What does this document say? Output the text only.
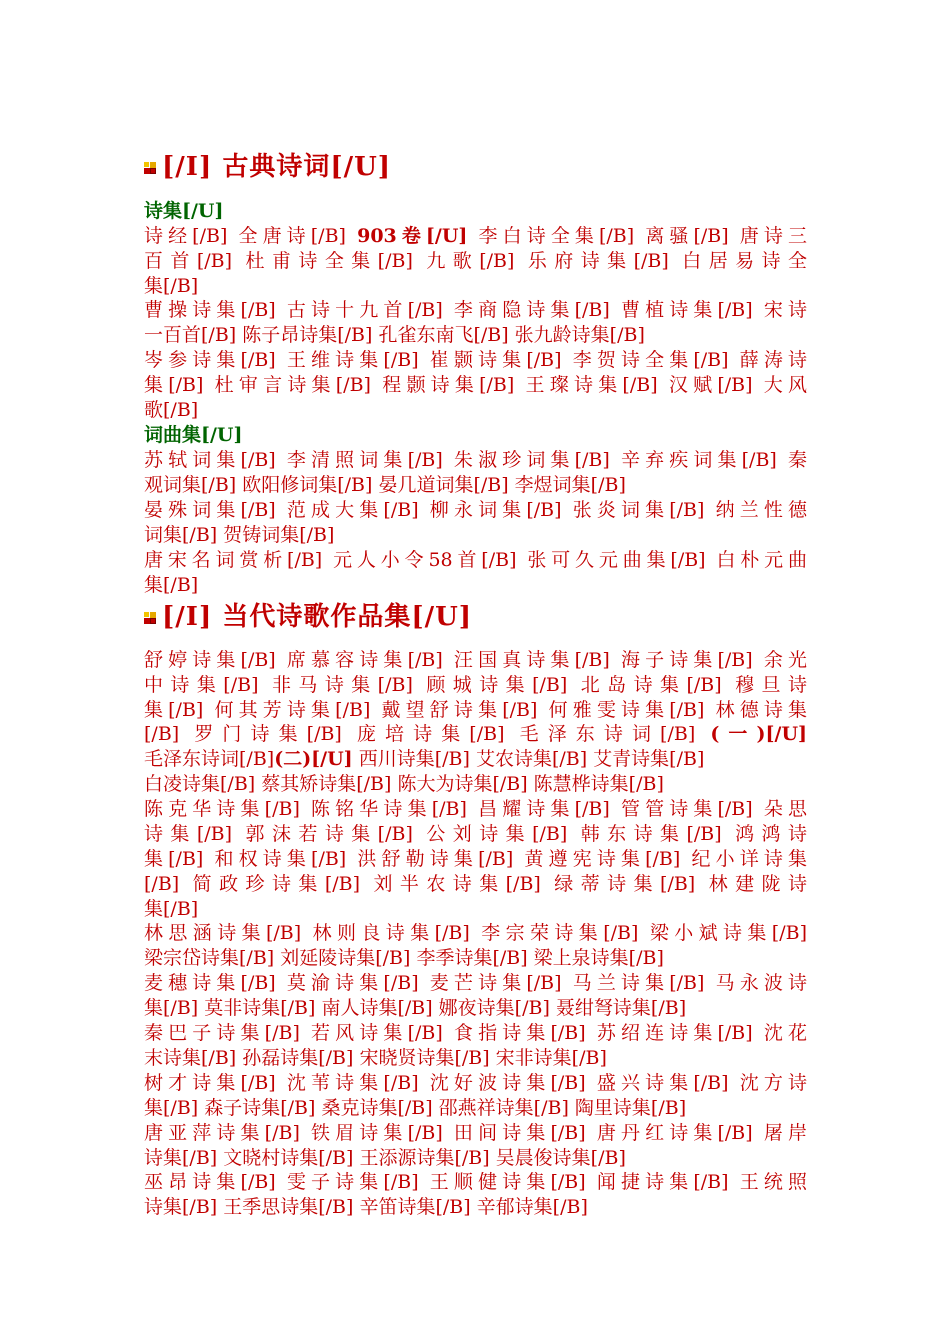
[/I] 古典诗词[/U]
诗集[/U]
诗经[/B] 全唐诗[/B] 903卷[/U] 李白诗全集[/B] 离骚[/B] 唐诗三
百首[/B] 杜甫诗全集[/B] 九歌[/B] 乐府诗集[/B] 白居易诗全
集[/B]
曹操诗集[/B] 古诗十九首[/B] 李商隐诗集[/B] 曹植诗集[/B] 宋诗
一百首[/B] 陈子昂诗集[/B] 孔雀东南飞[/B] 张九龄诗集[/B]
岑参诗集[/B] 王维诗集[/B] 崔颢诗集[/B] 李贺诗全集[/B] 薛涛诗
集[/B] 杜审言诗集[/B] 程颢诗集[/B] 王璨诗集[/B] 汉赋[/B] 大风
歌[/B]
词曲集[/U]
苏轼词集[/B] 李清照词集[/B] 朱淑珍词集[/B] 辛弃疾词集[/B] 秦
观词集[/B] 欧阳修词集[/B] 晏几道词集[/B] 李煜词集[/B]
晏殊词集[/B] 范成大集[/B] 柳永词集[/B] 张炎词集[/B] 纳兰性德
词集[/B] 贺铸词集[/B]
唐宋名词赏析[/B] 元人小令58首[/B] 张可久元曲集[/B] 白朴元曲
集[/B]
[/I] 当代诗歌作品集[/U]
舒婷诗集[/B] 席慕容诗集[/B] 汪国真诗集[/B] 海子诗集[/B] 余光
中诗集[/B] 非马诗集[/B] 顾城诗集[/B] 北岛诗集[/B] 穆旦诗
集[/B] 何其芳诗集[/B] 戴望舒诗集[/B] 何雅雯诗集[/B] 林德诗集
[/B] 罗门诗集[/B] 庞培诗集[/B] 毛泽东诗词[/B] (一)[/U]
毛泽东诗词[/B](二)[/U] 西川诗集[/B] 艾农诗集[/B] 艾青诗集[/B]
白凌诗集[/B] 蔡其矫诗集[/B] 陈大为诗集[/B] 陈慧桦诗集[/B]
陈克华诗集[/B] 陈铭华诗集[/B] 昌耀诗集[/B] 管管诗集[/B] 朵思
诗集[/B] 郭沫若诗集[/B] 公刘诗集[/B] 韩东诗集[/B] 鸿鸿诗
集[/B] 和权诗集[/B] 洪舒勒诗集[/B] 黄遵宪诗集[/B] 纪小详诗集
[/B] 简政珍诗集[/B] 刘半农诗集[/B] 绿蒂诗集[/B] 林建陇诗
集[/B]
林思涵诗集[/B] 林则良诗集[/B] 李宗荣诗集[/B] 梁小斌诗集[/B]
梁宗岱诗集[/B] 刘延陵诗集[/B] 李季诗集[/B] 梁上泉诗集[/B]
麦穗诗集[/B] 莫渝诗集[/B] 麦芒诗集[/B] 马兰诗集[/B] 马永波诗
集[/B] 莫非诗集[/B] 南人诗集[/B] 娜夜诗集[/B] 聂绀弩诗集[/B]
秦巴子诗集[/B] 若风诗集[/B] 食指诗集[/B] 苏绍连诗集[/B] 沈花
末诗集[/B] 孙磊诗集[/B] 宋晓贤诗集[/B] 宋非诗集[/B]
树才诗集[/B] 沈苇诗集[/B] 沈好波诗集[/B] 盛兴诗集[/B] 沈方诗
集[/B] 森子诗集[/B] 桑克诗集[/B] 邵燕祥诗集[/B] 陶里诗集[/B]
唐亚萍诗集[/B] 铁眉诗集[/B] 田间诗集[/B] 唐丹红诗集[/B] 屠岸
诗集[/B] 文晓村诗集[/B] 王添源诗集[/B] 吴晨俊诗集[/B]
巫昂诗集[/B] 雯子诗集[/B] 王顺健诗集[/B] 闻捷诗集[/B] 王统照
诗集[/B] 王季思诗集[/B] 辛笛诗集[/B] 辛郁诗集[/B]
